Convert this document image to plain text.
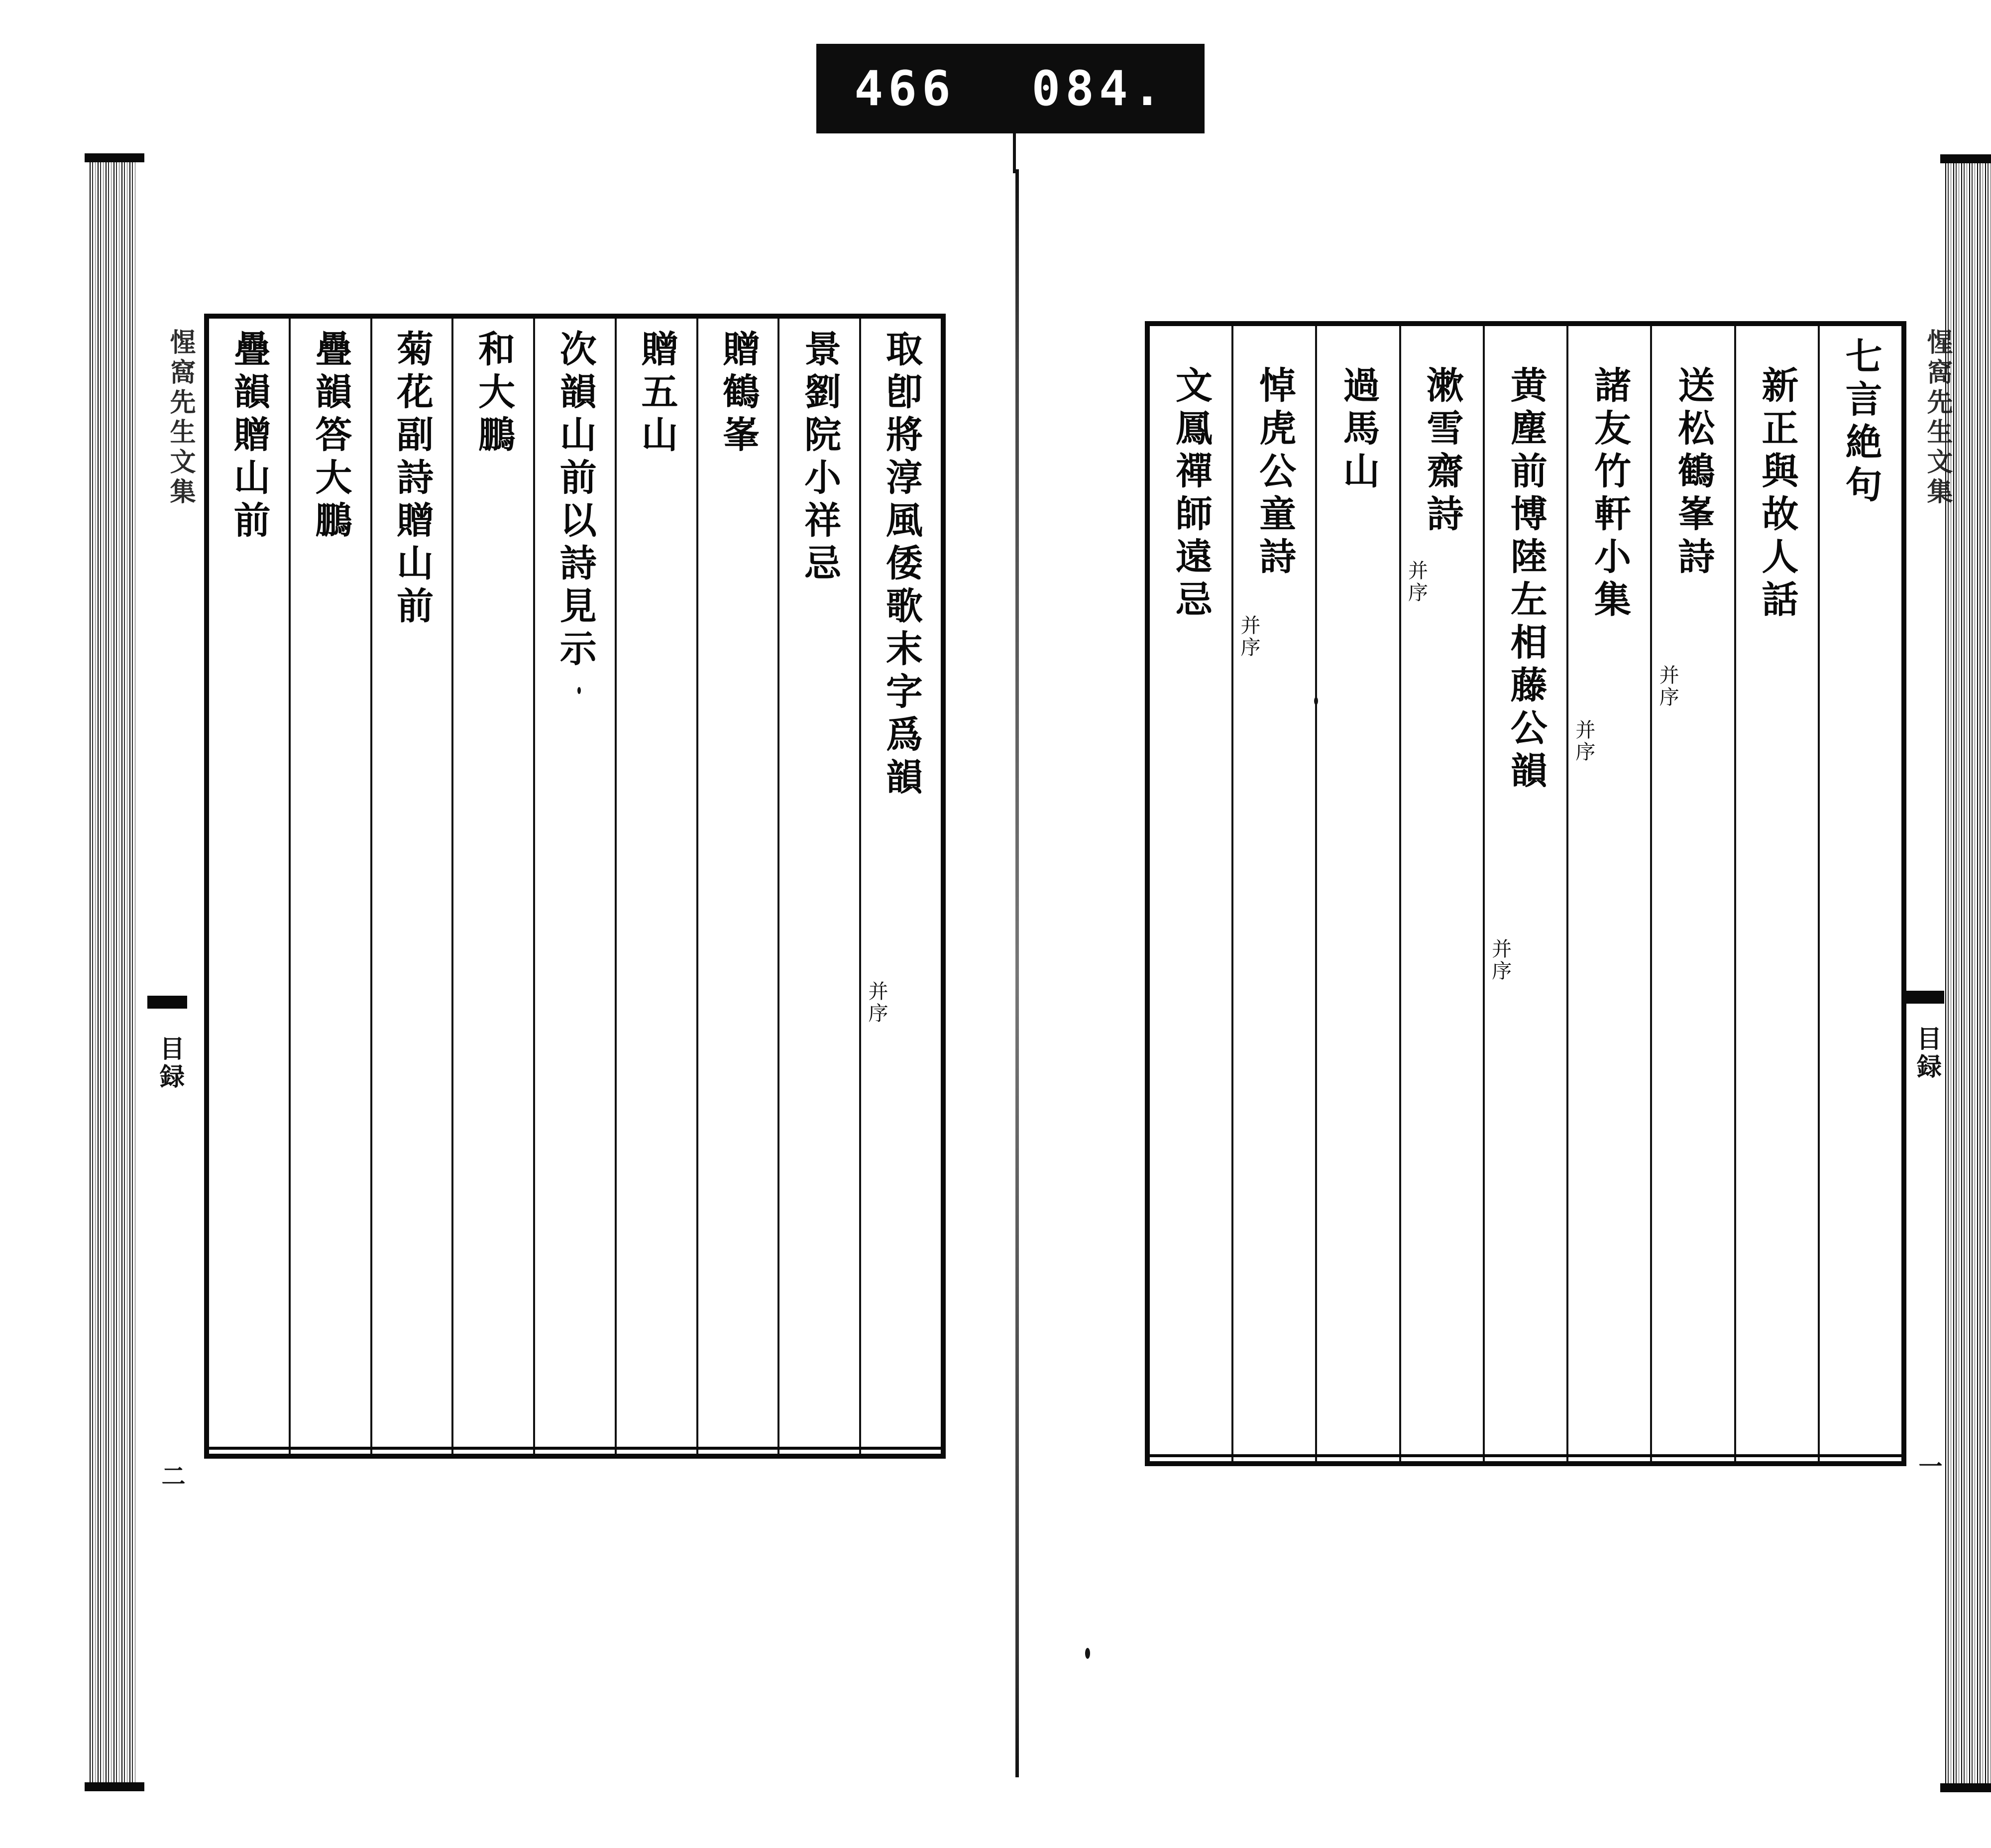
466 084.
惺窩先生文集
目録
一
七言絶句
新正與故人話
送松鶴峯詩
并序
諸友竹軒小集
并序
黄塵前博陸左相藤公韻
并序
漱雪齋詩
并序
過馬山
悼虎公童詩
并序
文鳳禪師遠忌
惺窩先生文集
目録
二
取卽將淳風倭歌末字爲韻
并序
景劉院小祥忌
贈鶴峯
贈五山
次韻山前以詩見示
和大鵬
菊花副詩贈山前
疊韻答大鵬
疊韻贈山前
